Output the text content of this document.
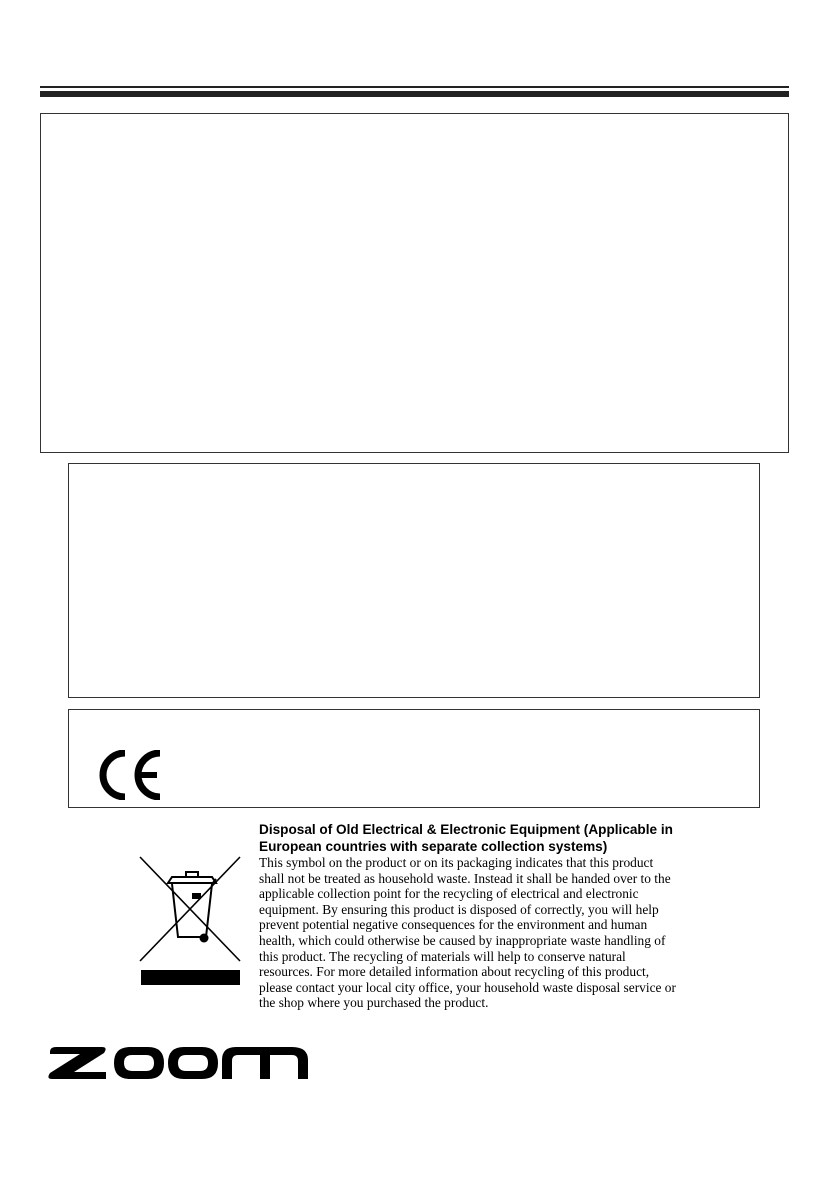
Disposal of Old Electrical & Electronic Equipment (Applicable in European countries with separate collection systems)

This symbol on the product or on its packaging indicates that this product shall not be treated as household waste. Instead it shall be handed over to the applicable collection point for the recycling of electrical and electronic equipment. By ensuring this product is disposed of correctly, you will help prevent potential negative consequences for the environment and human health, which could otherwise be caused by inappropriate waste handling of this product. The recycling of materials will help to conserve natural resources. For more detailed information about recycling of this product, please contact your local city office, your household waste disposal service or the shop where you purchased the product.
